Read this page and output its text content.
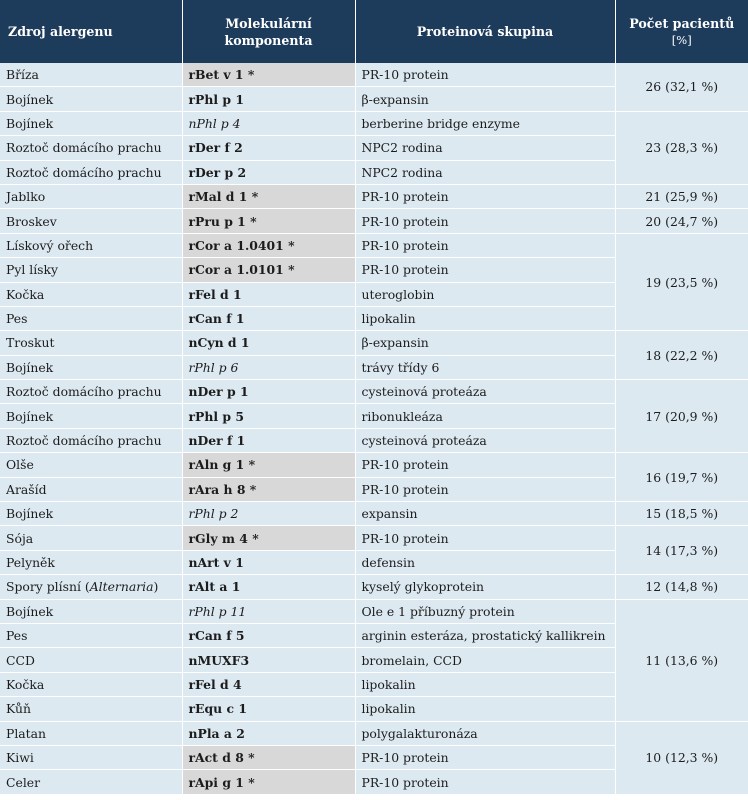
Zdroj alergenu	Molekulární komponenta	Proteinová skupina	Počet pacientů
[%]

Bříza	rBet v 1 *	PR-10 protein	26 (32,1 %)
Bojínek	rPhl p 1	β-expansin	
Bojínek	nPhl p 4	berberine bridge enzyme	23 (28,3 %)
Roztoč domácího prachu	rDer f 2	NPC2 rodina	
Roztoč domácího prachu	rDer p 2	NPC2 rodina	
Jablko	rMal d 1 *	PR-10 protein	21 (25,9 %)
Broskev	rPru p 1 *	PR-10 protein	20 (24,7 %)
Lískový ořech	rCor a 1.0401 *	PR-10 protein	19 (23,5 %)
Pyl lísky	rCor a 1.0101 *	PR-10 protein	
Kočka	rFel d 1	uteroglobin	
Pes	rCan f 1	lipokalin	
Troskut	nCyn d 1	β-expansin	18 (22,2 %)
Bojínek	rPhl p 6	trávy třídy 6	
Roztoč domácího prachu	nDer p 1	cysteinová proteáza	17 (20,9 %)
Bojínek	rPhl p 5	ribonukleáza	
Roztoč domácího prachu	nDer f 1	cysteinová proteáza	
Olše	rAln g 1 *	PR-10 protein	16 (19,7 %)
Arašíd	rAra h 8 *	PR-10 protein	
Bojínek	rPhl p 2	expansin	15 (18,5 %)
Sója	rGly m 4 *	PR-10 protein	14 (17,3 %)
Pelyněk	nArt v 1	defensin	
Spory plísní (Alternaria)	rAlt a 1	kyselý glykoprotein	12 (14,8 %)
Bojínek	rPhl p 11	Ole e 1 příbuzný protein	11 (13,6 %)
Pes	rCan f 5	arginin esteráza, prostatický kallikrein	
CCD	nMUXF3	bromelain, CCD	
Kočka	rFel d 4	lipokalin	
Kůň	rEqu c 1	lipokalin	
Platan	nPla a 2	polygalakturonáza	10 (12,3 %)
Kiwi	rAct d 8 *	PR-10 protein	
Celer	rApi g 1 *	PR-10 protein	
